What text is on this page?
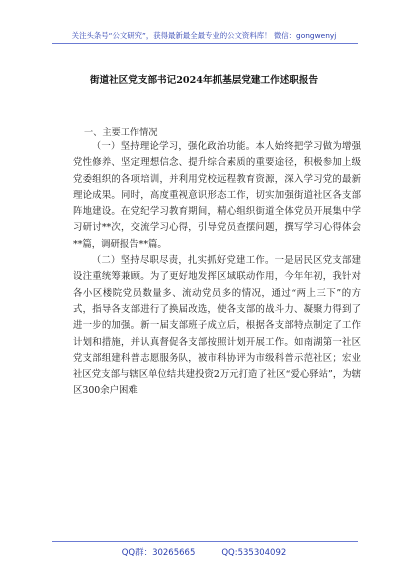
关注头条号“公文研究”，获得最新最全最专业的公文资料库！ 微信：gongwenyj
街道社区党支部书记2024年抓基层党建工作述职报告
一、主要工作情况

（一）坚持理论学习，强化政治功能。本人始终把学习做为增强党性修养、坚定理想信念、提升综合素质的重要途径，积极参加上级党委组织的各项培训，并利用党校远程教育资源，深入学习党的最新理论成果。同时，高度重视意识形态工作，切实加强街道社区各支部阵地建设。在党纪学习教育期间，精心组织街道全体党员开展集中学习研讨**次，交流学习心得，引导党员查摆问题，撰写学习心得体会**篇，调研报告**篇。

（二）坚持尽职尽责，扎实抓好党建工作。一是居民区党支部建设注重统筹兼顾。为了更好地发挥区域联动作用，今年年初，我针对各小区楼院党员数量多、流动党员多的情况，通过“两上三下”的方式，指导各支部进行了换届改选，使各支部的战斗力、凝聚力得到了进一步的加强。新一届支部班子成立后，根据各支部特点制定了工作计划和措施，并认真督促各支部按照计划开展工作。如南湖第一社区党支部组建科普志愿服务队，被市科协评为市级科普示范社区；宏业社区党支部与辖区单位结共建投资2万元打造了社区“爱心驿站”，为辖区300余户困难

QQ群：30265665	QQ:535304092
